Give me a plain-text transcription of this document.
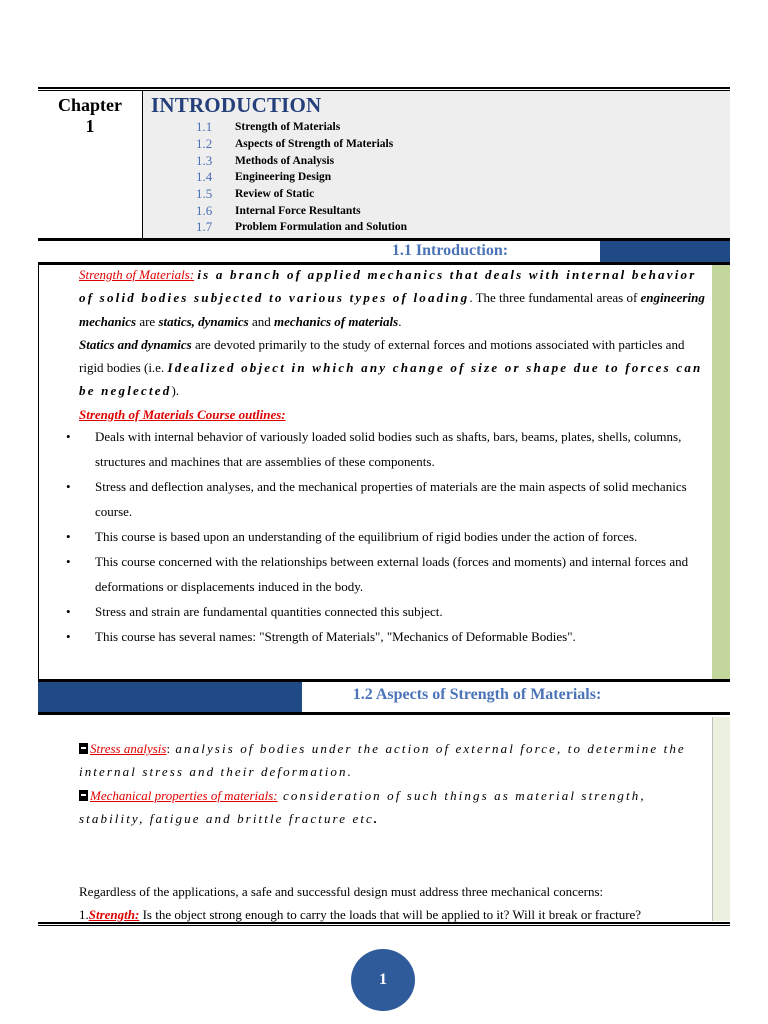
Chapter
1
INTRODUCTION
1.1	Strength of Materials
1.2	Aspects of Strength of Materials
1.3	Methods of Analysis
1.4	Engineering Design
1.5	Review of Static
1.6	Internal Force Resultants
1.7	Problem Formulation and Solution
1.1 Introduction:
Strength of Materials: is a branch of applied mechanics that deals with internal behavior of solid bodies subjected to various types of loading. The three fundamental areas of engineering mechanics are statics, dynamics and mechanics of materials.
Statics and dynamics are devoted primarily to the study of external forces and motions associated with particles and rigid bodies (i.e. Idealized object in which any change of size or shape due to forces can be neglected).
Strength of Materials Course outlines:
•	Deals with internal behavior of variously loaded solid bodies such as shafts, bars, beams, plates, shells, columns, structures and machines that are assemblies of these components.
•	Stress and deflection analyses, and the mechanical properties of materials are the main aspects of solid mechanics course.
•	This course is based upon an understanding of the equilibrium of rigid bodies under the action of forces.
•	This course concerned with the relationships between external loads (forces and moments) and internal forces and deformations or displacements induced in the body.
•	Stress and strain are fundamental quantities connected this subject.
•	This course has several names: "Strength of Materials", "Mechanics of Deformable Bodies".
1.2 Aspects of Strength of Materials:
Stress analysis: analysis of bodies under the action of external force, to determine the internal stress and their deformation.
Mechanical properties of materials: consideration of such things as material strength, stability, fatigue and brittle fracture etc.
Regardless of the applications, a safe and successful design must address three mechanical concerns:
1.Strength: Is the object strong enough to carry the loads that will be applied to it? Will it break or fracture?
1
